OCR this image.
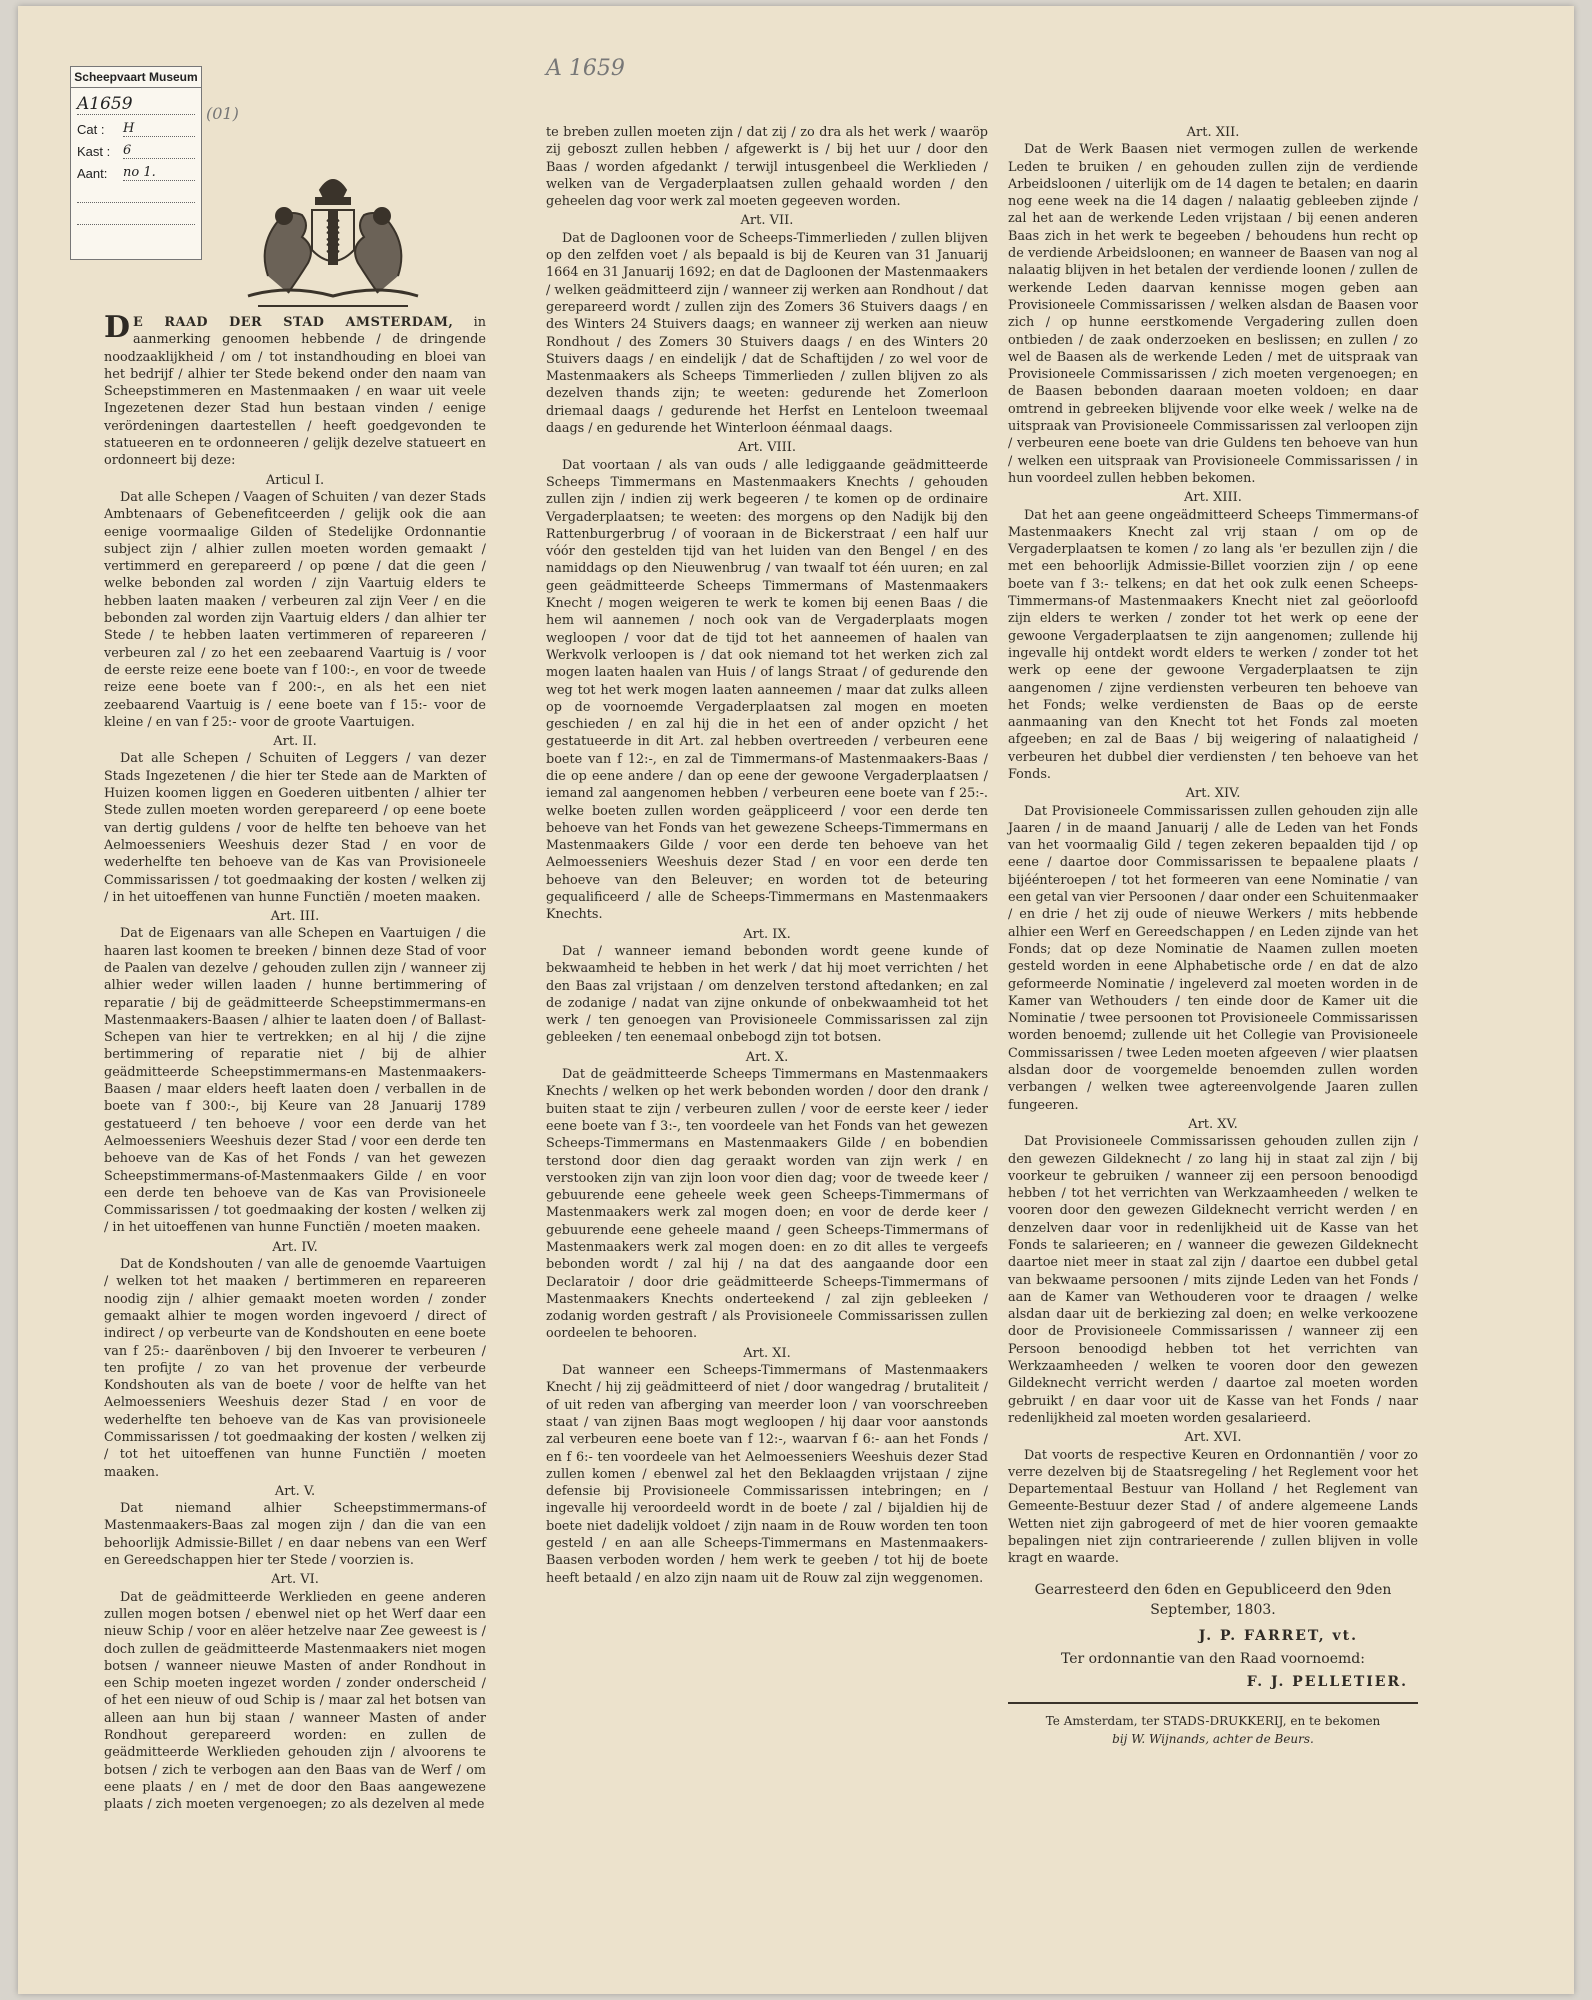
Scheepvaart Museum
A1659
Cat :	H
Kast : 6
Aant:	no 1.

(01)
A 1659

D E RAAD DER STAD AMSTERDAM, in aanmerking genoomen hebbende / de dringende noodzaaklijkheid / om / tot instandhouding en bloei van het bedrijf / alhier ter Stede bekend onder den naam van Scheepstimmeren en Mastenmaaken / en waar uit veele Ingezetenen dezer Stad hun bestaan vinden / eenige verördeningen daartestellen / heeft goedgevonden te statueeren en te ordonneeren / gelijk dezelve statueert en ordonneert bij deze:

Articul I.

Dat alle Schepen / Vaagen of Schuiten / van dezer Stads Ambtenaars of Gebenefitceerden / gelijk ook die aan eenige voormaalige Gilden of Stedelijke Ordonnantie subject zijn / alhier zullen moeten worden gemaakt / vertimmerd en gerepareerd / op pœne / dat die geen / welke bebonden zal worden / zijn Vaartuig elders te hebben laaten maaken / verbeuren zal zijn Veer / en die bebonden zal worden zijn Vaartuig elders / dan alhier ter Stede / te hebben laaten vertimmeren of repareeren / verbeuren zal / zo het een zeebaarend Vaartuig is / voor de eerste reize eene boete van f 100:-, en voor de tweede reize eene boete van f 200:-, en als het een niet zeebaarend Vaartuig is / eene boete van f 15:- voor de kleine / en van f 25:- voor de groote Vaartuigen.

Art. II.

Dat alle Schepen / Schuiten of Leggers / van dezer Stads Ingezetenen / die hier ter Stede aan de Markten of Huizen koomen liggen en Goederen uitbenten / alhier ter Stede zullen moeten worden gerepareerd / op eene boete van dertig guldens / voor de helfte ten behoeve van het Aelmoesseniers Weeshuis dezer Stad / en voor de wederhelfte ten behoeve van de Kas van Provisioneele Commissarissen / tot goedmaaking der kosten / welken zij / in het uitoeffenen van hunne Functiën / moeten maaken.

Art. III.

Dat de Eigenaars van alle Schepen en Vaartuigen / die haaren last koomen te breeken / binnen deze Stad of voor de Paalen van dezelve / gehouden zullen zijn / wanneer zij alhier weder willen laaden / hunne bertimmering of reparatie / bij de geädmitteerde Scheepstimmermans-en Mastenmaakers-Baasen / alhier te laaten doen / of Ballast-Schepen van hier te vertrekken; en al hij / die zijne bertimmering of reparatie niet / bij de alhier geädmitteerde Scheepstimmermans-en Mastenmaakers-Baasen / maar elders heeft laaten doen / verballen in de boete van f 300:-, bij Keure van 28 Januarij 1789 gestatueerd / ten behoeve / voor een derde van het Aelmoesseniers Weeshuis dezer Stad / voor een derde ten behoeve van de Kas of het Fonds / van het gewezen Scheepstimmermans-of-Mastenmaakers Gilde / en voor een derde ten behoeve van de Kas van Provisioneele Commissarissen / tot goedmaaking der kosten / welken zij / in het uitoeffenen van hunne Functiën / moeten maaken.

Art. IV.

Dat de Kondshouten / van alle de genoemde Vaartuigen / welken tot het maaken / bertimmeren en repareeren noodig zijn / alhier gemaakt moeten worden / zonder gemaakt alhier te mogen worden ingevoerd / direct of indirect / op verbeurte van de Kondshouten en eene boete van f 25:- daarënboven / bij den Invoerer te verbeuren / ten profijte / zo van het provenue der verbeurde Kondshouten als van de boete / voor de helfte van het Aelmoesseniers Weeshuis dezer Stad / en voor de wederhelfte ten behoeve van de Kas van provisioneele Commissarissen / tot goedmaaking der kosten / welken zij / tot het uitoeffenen van hunne Functiën / moeten maaken.

Art. V.

Dat niemand alhier Scheepstimmermans-of Mastenmaakers-Baas zal mogen zijn / dan die van een behoorlijk Admissie-Billet / en daar nebens van een Werf en Gereedschappen hier ter Stede / voorzien is.

Art. VI.

Dat de geädmitteerde Werklieden en geene anderen zullen mogen botsen / ebenwel niet op het Werf daar een nieuw Schip / voor en alëer hetzelve naar Zee geweest is / doch zullen de geädmitteerde Mastenmaakers niet mogen botsen / wanneer nieuwe Masten of ander Rondhout in een Schip moeten ingezet worden / zonder onderscheid / of het een nieuw of oud Schip is / maar zal het botsen van alleen aan hun bij staan / wanneer Masten of ander Rondhout gerepareerd worden: en zullen de geädmitteerde Werklieden gehouden zijn / alvoorens te botsen / zich te verbogen aan den Baas van de Werf / om eene plaats / en / met de door den Baas aangewezene plaats / zich moeten vergenoegen; zo als dezelven al mede

te breben zullen moeten zijn / dat zij / zo dra als het werk / waaröp zij geboszt zullen hebben / afgewerkt is / bij het uur / door den Baas / worden afgedankt / terwijl intusgenbeel die Werklieden / welken van de Vergaderplaatsen zullen gehaald worden / den geheelen dag voor werk zal moeten gegeeven worden.

Art. VII.

Dat de Dagloonen voor de Scheeps-Timmerlieden / zullen blijven op den zelfden voet / als bepaald is bij de Keuren van 31 Januarij 1664 en 31 Januarij 1692; en dat de Dagloonen der Mastenmaakers / welken geädmitteerd zijn / wanneer zij werken aan Rondhout / dat gerepareerd wordt / zullen zijn des Zomers 36 Stuivers daags / en des Winters 24 Stuivers daags; en wanneer zij werken aan nieuw Rondhout / des Zomers 30 Stuivers daags / en des Winters 20 Stuivers daags / en eindelijk / dat de Schaftijden / zo wel voor de Mastenmaakers als Scheeps Timmerlieden / zullen blijven zo als dezelven thands zijn; te weeten: gedurende het Zomerloon driemaal daags / gedurende het Herfst en Lenteloon tweemaal daags / en gedurende het Winterloon éénmaal daags.

Art. VIII.

Dat voortaan / als van ouds / alle lediggaande geädmitteerde Scheeps Timmermans en Mastenmaakers Knechts / gehouden zullen zijn / indien zij werk begeeren / te komen op de ordinaire Vergaderplaatsen; te weeten: des morgens op den Nadijk bij den Rattenburgerbrug / of vooraan in de Bickerstraat / een half uur vóór den gestelden tijd van het luiden van den Bengel / en des namiddags op den Nieuwenbrug / van twaalf tot één uuren; en zal geen geädmitteerde Scheeps Timmermans of Mastenmaakers Knecht / mogen weigeren te werk te komen bij eenen Baas / die hem wil aannemen / noch ook van de Vergaderplaats mogen wegloopen / voor dat de tijd tot het aanneemen of haalen van Werkvolk verloopen is / dat ook niemand tot het werken zich zal mogen laaten haalen van Huis / of langs Straat / of gedurende den weg tot het werk mogen laaten aanneemen / maar dat zulks alleen op de voornoemde Vergaderplaatsen zal mogen en moeten geschieden / en zal hij die in het een of ander opzicht / het gestatueerde in dit Art. zal hebben overtreeden / verbeuren eene boete van f 12:-, en zal de Timmermans-of Mastenmaakers-Baas / die op eene andere / dan op eene der gewoone Vergaderplaatsen / iemand zal aangenomen hebben / verbeuren eene boete van f 25:-. welke boeten zullen worden geäppliceerd / voor een derde ten behoeve van het Fonds van het gewezene Scheeps-Timmermans en Mastenmaakers Gilde / voor een derde ten behoeve van het Aelmoesseniers Weeshuis dezer Stad / en voor een derde ten behoeve van den Beleuver; en worden tot de beteuring gequalificeerd / alle de Scheeps-Timmermans en Mastenmaakers Knechts.

Art. IX.

Dat / wanneer iemand bebonden wordt geene kunde of bekwaamheid te hebben in het werk / dat hij moet verrichten / het den Baas zal vrijstaan / om denzelven terstond aftedanken; en zal de zodanige / nadat van zijne onkunde of onbekwaamheid tot het werk / ten genoegen van Provisioneele Commissarissen zal zijn gebleeken / ten eenemaal onbebogd zijn tot botsen.

Art. X.

Dat de geädmitteerde Scheeps Timmermans en Mastenmaakers Knechts / welken op het werk bebonden worden / door den drank / buiten staat te zijn / verbeuren zullen / voor de eerste keer / ieder eene boete van f 3:-, ten voordeele van het Fonds van het gewezen Scheeps-Timmermans en Mastenmaakers Gilde / en bobendien terstond door dien dag geraakt worden van zijn werk / en verstooken zijn van zijn loon voor dien dag; voor de tweede keer / gebuurende eene geheele week geen Scheeps-Timmermans of Mastenmaakers werk zal mogen doen; en voor de derde keer / gebuurende eene geheele maand / geen Scheeps-Timmermans of Mastenmaakers werk zal mogen doen: en zo dit alles te vergeefs bebonden wordt / zal hij / na dat des aangaande door een Declaratoir / door drie geädmitteerde Scheeps-Timmermans of Mastenmaakers Knechts onderteekend / zal zijn gebleeken / zodanig worden gestraft / als Provisioneele Commissarissen zullen oordeelen te behooren.

Art. XI.

Dat wanneer een Scheeps-Timmermans of Mastenmaakers Knecht / hij zij geädmitteerd of niet / door wangedrag / brutaliteit / of uit reden van afberging van meerder loon / van voorschreeben staat / van zijnen Baas mogt wegloopen / hij daar voor aanstonds zal verbeuren eene boete van f 12:-, waarvan f 6:- aan het Fonds / en f 6:- ten voordeele van het Aelmoesseniers Weeshuis dezer Stad zullen komen / ebenwel zal het den Beklaagden vrijstaan / zijne defensie bij Provisioneele Commissarissen intebringen; en / ingevalle hij veroordeeld wordt in de boete / zal / bijaldien hij de boete niet dadelijk voldoet / zijn naam in de Rouw worden ten toon gesteld / en aan alle Scheeps-Timmermans en Mastenmaakers-Baasen verboden worden / hem werk te geeben / tot hij de boete heeft betaald / en alzo zijn naam uit de Rouw zal zijn weggenomen.

Art. XII.

Dat de Werk Baasen niet vermogen zullen de werkende Leden te bruiken / en gehouden zullen zijn de verdiende Arbeidsloonen / uiterlijk om de 14 dagen te betalen; en daarin nog eene week na die 14 dagen / nalaatig gebleeben zijnde / zal het aan de werkende Leden vrijstaan / bij eenen anderen Baas zich in het werk te begeeben / behoudens hun recht op de verdiende Arbeidsloonen; en wanneer de Baasen van nog al nalaatig blijven in het betalen der verdiende loonen / zullen de werkende Leden daarvan kennisse mogen geben aan Provisioneele Commissarissen / welken alsdan de Baasen voor zich / op hunne eerstkomende Vergadering zullen doen ontbieden / de zaak onderzoeken en beslissen; en zullen / zo wel de Baasen als de werkende Leden / met de uitspraak van Provisioneele Commissarissen / zich moeten vergenoegen; en de Baasen bebonden daaraan moeten voldoen; en daar omtrend in gebreeken blijvende voor elke week / welke na de uitspraak van Provisioneele Commissarissen zal verloopen zijn / verbeuren eene boete van drie Guldens ten behoeve van hun / welken een uitspraak van Provisioneele Commissarissen / in hun voordeel zullen hebben bekomen.

Art. XIII.

Dat het aan geene ongeädmitteerd Scheeps Timmermans-of Mastenmaakers Knecht zal vrij staan / om op de Vergaderplaatsen te komen / zo lang als 'er bezullen zijn / die met een behoorlijk Admissie-Billet voorzien zijn / op eene boete van f 3:- telkens; en dat het ook zulk eenen Scheeps-Timmermans-of Mastenmaakers Knecht niet zal geöorloofd zijn elders te werken / zonder tot het werk op eene der gewoone Vergaderplaatsen te zijn aangenomen; zullende hij ingevalle hij ontdekt wordt elders te werken / zonder tot het werk op eene der gewoone Vergaderplaatsen te zijn aangenomen / zijne verdiensten verbeuren ten behoeve van het Fonds; welke verdiensten de Baas op de eerste aanmaaning van den Knecht tot het Fonds zal moeten afgeeben; en zal de Baas / bij weigering of nalaatigheid / verbeuren het dubbel dier verdiensten / ten behoeve van het Fonds.

Art. XIV.

Dat Provisioneele Commissarissen zullen gehouden zijn alle Jaaren / in de maand Januarij / alle de Leden van het Fonds van het voormaalig Gild / tegen zekeren bepaalden tijd / op eene / daartoe door Commissarissen te bepaalene plaats / bijéénteroepen / tot het formeeren van eene Nominatie / van een getal van vier Persoonen / daar onder een Schuitenmaaker / en drie / het zij oude of nieuwe Werkers / mits hebbende alhier een Werf en Gereedschappen / en Leden zijnde van het Fonds; dat op deze Nominatie de Naamen zullen moeten gesteld worden in eene Alphabetische orde / en dat de alzo geformeerde Nominatie / ingeleverd zal moeten worden in de Kamer van Wethouders / ten einde door de Kamer uit die Nominatie / twee persoonen tot Provisioneele Commissarissen worden benoemd; zullende uit het Collegie van Provisioneele Commissarissen / twee Leden moeten afgeeven / wier plaatsen alsdan door de voorgemelde benoemden zullen worden verbangen / welken twee agtereenvolgende Jaaren zullen fungeeren.

Art. XV.

Dat Provisioneele Commissarissen gehouden zullen zijn / den gewezen Gildeknecht / zo lang hij in staat zal zijn / bij voorkeur te gebruiken / wanneer zij een persoon benoodigd hebben / tot het verrichten van Werkzaamheeden / welken te vooren door den gewezen Gildeknecht verricht werden / en denzelven daar voor in redenlijkheid uit de Kasse van het Fonds te salarieeren; en / wanneer die gewezen Gildeknecht daartoe niet meer in staat zal zijn / daartoe een dubbel getal van bekwaame persoonen / mits zijnde Leden van het Fonds / aan de Kamer van Wethouderen voor te draagen / welke alsdan daar uit de berkiezing zal doen; en welke verkoozene door de Provisioneele Commissarissen / wanneer zij een Persoon benoodigd hebben tot het verrichten van Werkzaamheeden / welken te vooren door den gewezen Gildeknecht verricht werden / daartoe zal moeten worden gebruikt / en daar voor uit de Kasse van het Fonds / naar redenlijkheid zal moeten worden gesalarieerd.

Art. XVI.

Dat voorts de respective Keuren en Ordonnantiën / voor zo verre dezelven bij de Staatsregeling / het Reglement voor het Departementaal Bestuur van Holland / het Reglement van Gemeente-Bestuur dezer Stad / of andere algemeene Lands Wetten niet zijn gabrogeerd of met de hier vooren gemaakte bepalingen niet zijn contrarieerende / zullen blijven in volle kragt en waarde.

Gearresteerd den 6den en Gepubliceerd den 9den September, 1803.
J. P. FARRET, vt.
Ter ordonnantie van den Raad voornoemd:
F. J. PELLETIER.
Te Amsterdam, ter STADS-DRUKKERIJ, en te bekomen
bij W. Wijnands, achter de Beurs.
